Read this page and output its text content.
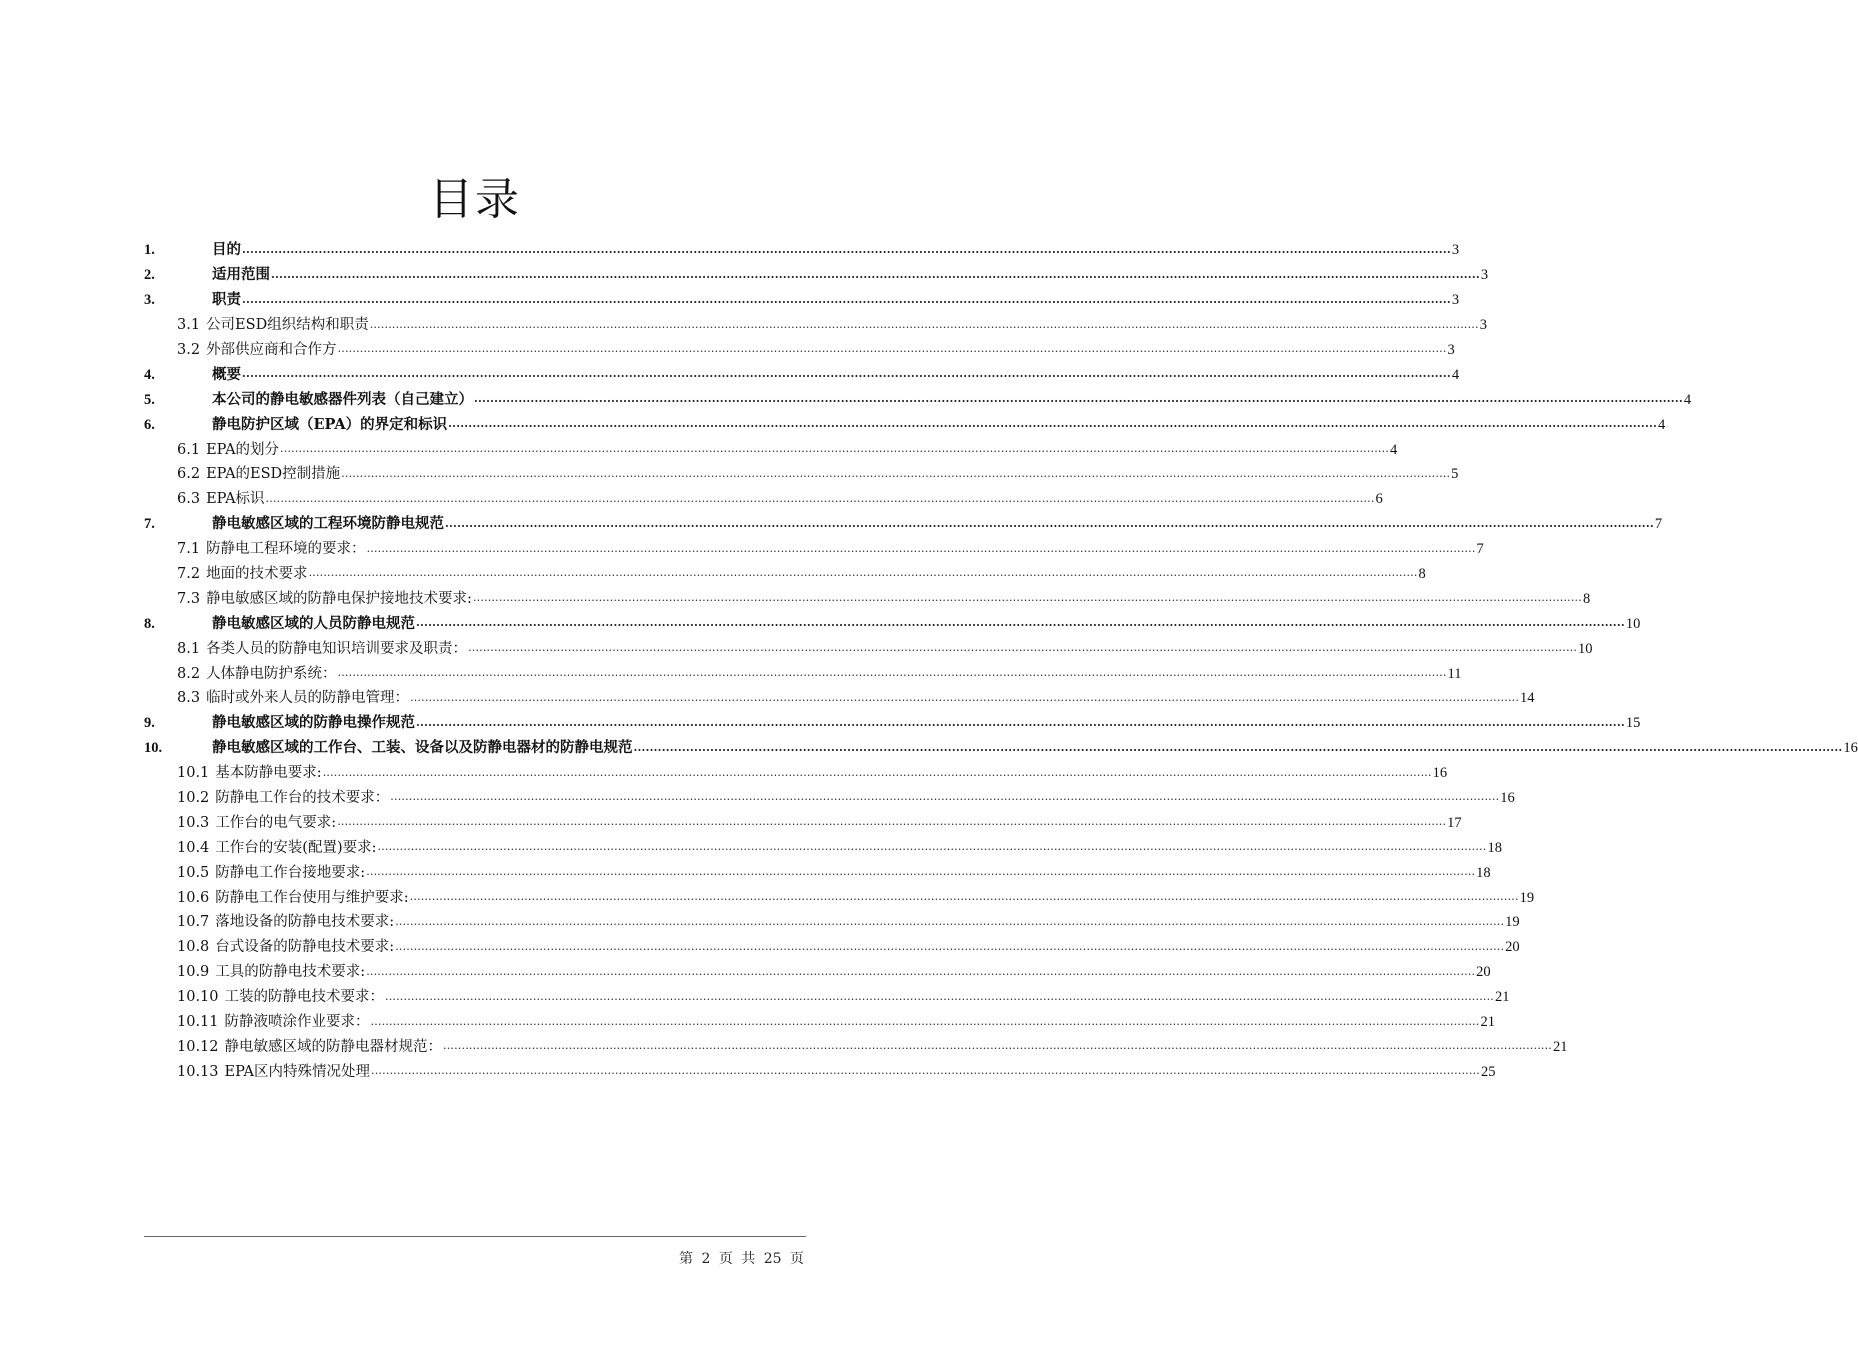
目录
1.	目的 ............................................................................................................................................................................................................................................................................................................ 3
2.	适用范围 ............................................................................................................................................................................................................................................................................................................ 3
3.	职责 ............................................................................................................................................................................................................................................................................................................ 3
3.1 公司ESD组织结构和职责 ............................................................................................................................................................................................................................................................................................................ 3
3.2 外部供应商和合作方 ............................................................................................................................................................................................................................................................................................................ 3
4.	概要 ............................................................................................................................................................................................................................................................................................................ 4
5.	本公司的静电敏感器件列表（自己建立） ............................................................................................................................................................................................................................................................................................................ 4
6.	静电防护区域（EPA）的界定和标识 ............................................................................................................................................................................................................................................................................................................ 4
6.1 EPA的划分 ............................................................................................................................................................................................................................................................................................................ 4
6.2 EPA的ESD控制措施 ............................................................................................................................................................................................................................................................................................................ 5
6.3 EPA标识 ............................................................................................................................................................................................................................................................................................................ 6
7.	静电敏感区域的工程环境防静电规范 ............................................................................................................................................................................................................................................................................................................ 7
7.1 防静电工程环境的要求： ............................................................................................................................................................................................................................................................................................................ 7
7.2 地面的技术要求 ............................................................................................................................................................................................................................................................................................................ 8
7.3 静电敏感区域的防静电保护接地技术要求: ............................................................................................................................................................................................................................................................................................................ 8
8.	静电敏感区域的人员防静电规范 ............................................................................................................................................................................................................................................................................................................ 10
8.1 各类人员的防静电知识培训要求及职责： ............................................................................................................................................................................................................................................................................................................ 10
8.2 人体静电防护系统： ............................................................................................................................................................................................................................................................................................................ 11
8.3 临时或外来人员的防静电管理： ............................................................................................................................................................................................................................................................................................................ 14
9.	静电敏感区域的防静电操作规范 ............................................................................................................................................................................................................................................................................................................ 15
10.	静电敏感区域的工作台、工装、设备以及防静电器材的防静电规范 ............................................................................................................................................................................................................................................................................................................ 16
10.1 基本防静电要求: ............................................................................................................................................................................................................................................................................................................ 16
10.2 防静电工作台的技术要求： ............................................................................................................................................................................................................................................................................................................ 16
10.3 工作台的电气要求: ............................................................................................................................................................................................................................................................................................................ 17
10.4 工作台的安装(配置)要求: ............................................................................................................................................................................................................................................................................................................ 18
10.5 防静电工作台接地要求: ............................................................................................................................................................................................................................................................................................................ 18
10.6 防静电工作台使用与维护要求: ............................................................................................................................................................................................................................................................................................................ 19
10.7 落地设备的防静电技术要求: ............................................................................................................................................................................................................................................................................................................ 19
10.8 台式设备的防静电技术要求: ............................................................................................................................................................................................................................................................................................................ 20
10.9 工具的防静电技术要求: ............................................................................................................................................................................................................................................................................................................ 20
10.10 工装的防静电技术要求： ............................................................................................................................................................................................................................................................................................................ 21
10.11 防静液喷涂作业要求： ............................................................................................................................................................................................................................................................................................................ 21
10.12 静电敏感区域的防静电器材规范： ............................................................................................................................................................................................................................................................................................................ 21
10.13 EPA区内特殊情况处理 ............................................................................................................................................................................................................................................................................................................ 25
第 2 页 共 25 页
